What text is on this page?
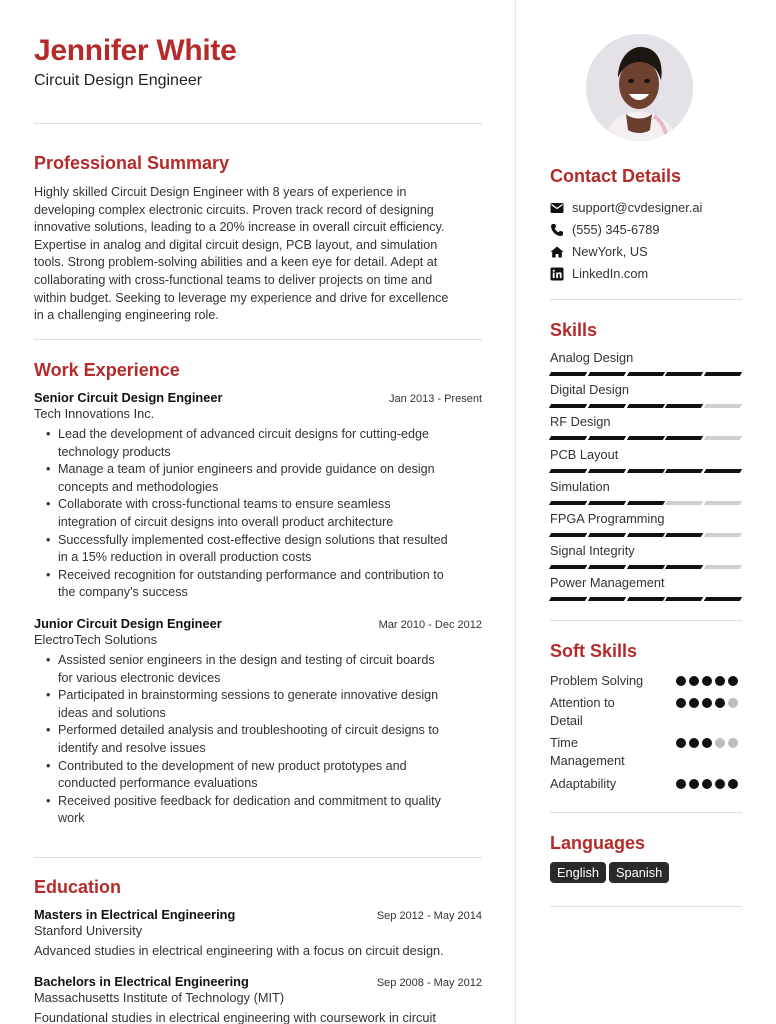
Jennifer White
Circuit Design Engineer
Professional Summary
Highly skilled Circuit Design Engineer with 8 years of experience in
developing complex electronic circuits. Proven track record of designing
innovative solutions, leading to a 20% increase in overall circuit efficiency.
Expertise in analog and digital circuit design, PCB layout, and simulation
tools. Strong problem-solving abilities and a keen eye for detail. Adept at
collaborating with cross-functional teams to deliver projects on time and
within budget. Seeking to leverage my experience and drive for excellence
in a challenging engineering role.
Work Experience
Senior Circuit Design Engineer	Jan 2013 - Present
Tech Innovations Inc.
• Lead the development of advanced circuit designs for cutting-edge
technology products
• Manage a team of junior engineers and provide guidance on design
concepts and methodologies
• Collaborate with cross-functional teams to ensure seamless
integration of circuit designs into overall product architecture
• Successfully implemented cost-effective design solutions that resulted
in a 15% reduction in overall production costs
• Received recognition for outstanding performance and contribution to
the company's success
Junior Circuit Design Engineer	Mar 2010 - Dec 2012
ElectroTech Solutions
• Assisted senior engineers in the design and testing of circuit boards
for various electronic devices
• Participated in brainstorming sessions to generate innovative design
ideas and solutions
• Performed detailed analysis and troubleshooting of circuit designs to
identify and resolve issues
• Contributed to the development of new product prototypes and
conducted performance evaluations
• Received positive feedback for dedication and commitment to quality
work
Education
Masters in Electrical Engineering	Sep 2012 - May 2014
Stanford University
Advanced studies in electrical engineering with a focus on circuit design.
Bachelors in Electrical Engineering	Sep 2008 - May 2012
Massachusetts Institute of Technology (MIT)
Foundational studies in electrical engineering with coursework in circuit
Contact Details
support@cvdesigner.ai
(555) 345-6789
NewYork, US
LinkedIn.com
Skills
Analog Design
Digital Design
RF Design
PCB Layout
Simulation
FPGA Programming
Signal Integrity
Power Management
Soft Skills
Problem Solving
Attention to
Detail
Time
Management
Adaptability
Languages
English Spanish
